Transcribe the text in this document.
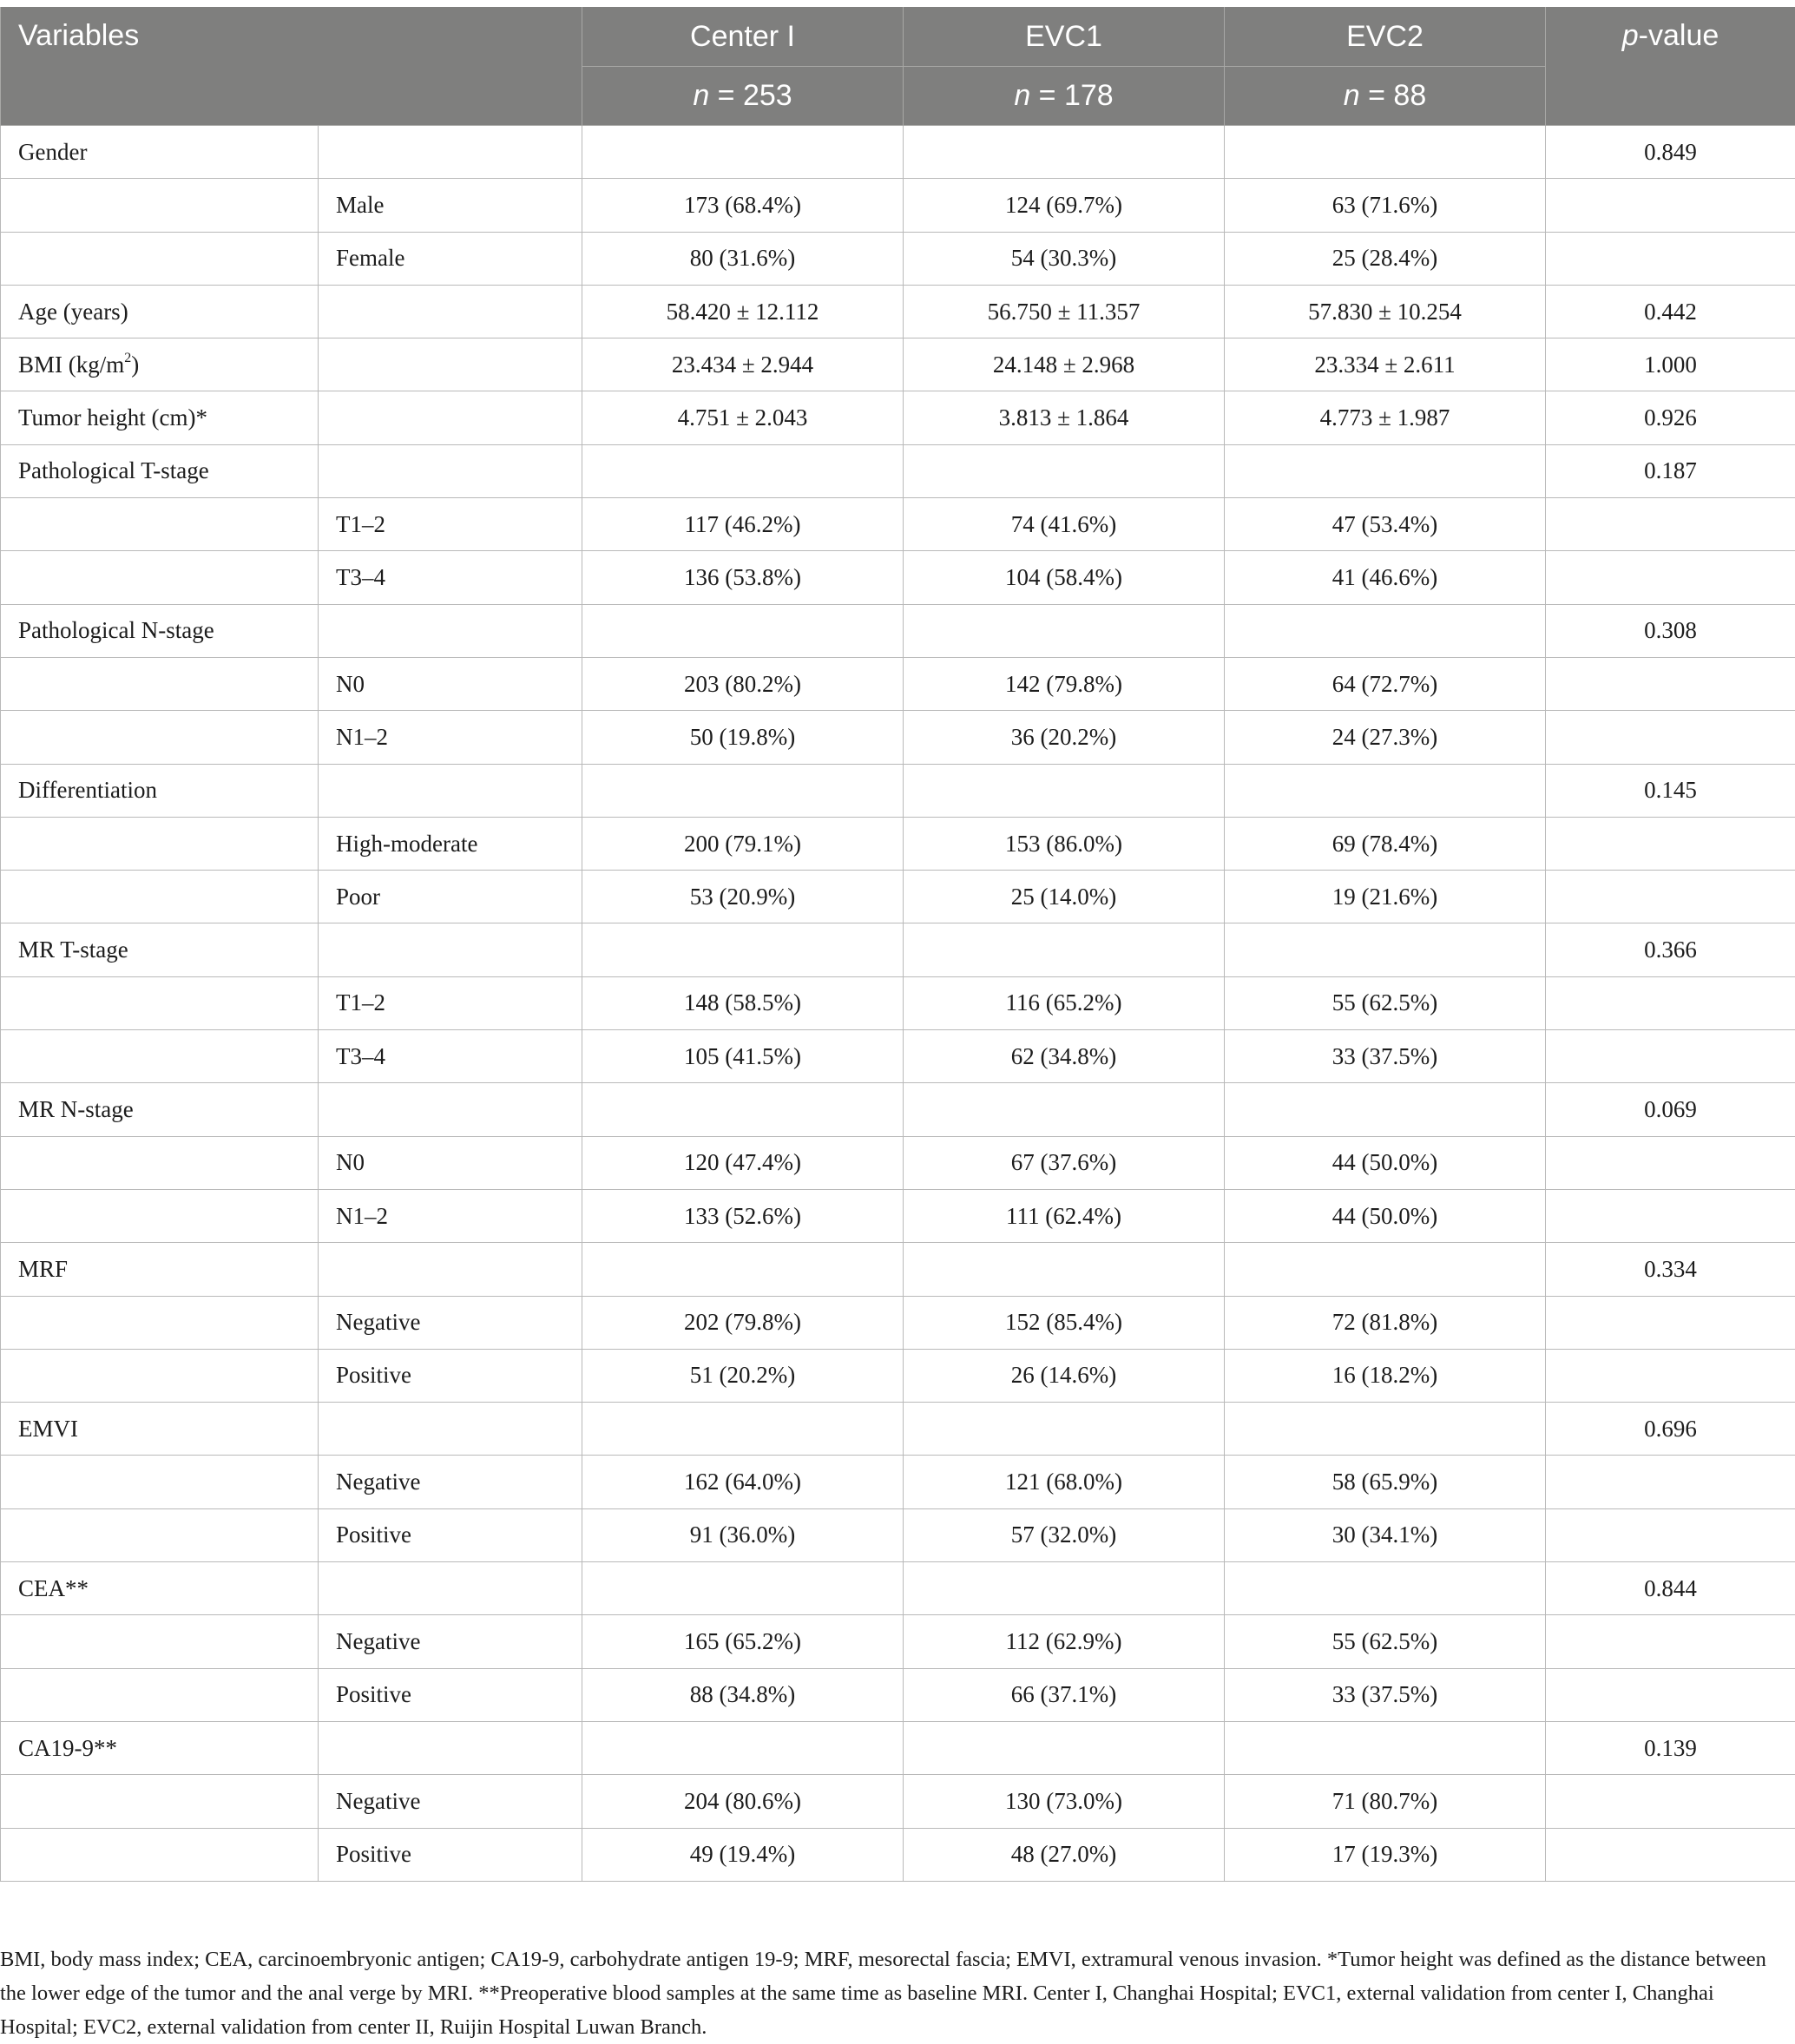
Variables		Center I	EVC1	EVC2	p-value
		n = 253	n = 178	n = 88	
Gender					0.849
	Male	173 (68.4%)	124 (69.7%)	63 (71.6%)	
	Female	80 (31.6%)	54 (30.3%)	25 (28.4%)	
Age (years)		58.420 ± 12.112	56.750 ± 11.357	57.830 ± 10.254	0.442
BMI $(kg/m^2)$		23.434 ± 2.944	24.148 ± 2.968	23.334 ± 2.611	1.000
Tumor height (cm)*		4.751 ± 2.043	3.813 ± 1.864	4.773 ± 1.987	0.926
Pathological T-stage					0.187
	T1–2	117 (46.2%)	74 (41.6%)	47 (53.4%)	
	T3–4	136 (53.8%)	104 (58.4%)	41 (46.6%)	
Pathological N-stage					0.308
	N0	203 (80.2%)	142 (79.8%)	64 (72.7%)	
	N1–2	50 (19.8%)	36 (20.2%)	24 (27.3%)	
Differentiation					0.145
	High-moderate	200 (79.1%)	153 (86.0%)	69 (78.4%)	
	Poor	53 (20.9%)	25 (14.0%)	19 (21.6%)	
MR T-stage					0.366
	T1–2	148 (58.5%)	116 (65.2%)	55 (62.5%)	
	T3–4	105 (41.5%)	62 (34.8%)	33 (37.5%)	
MR N-stage					0.069
	N0	120 (47.4%)	67 (37.6%)	44 (50.0%)	
	N1–2	133 (52.6%)	111 (62.4%)	44 (50.0%)	
MRF					0.334
	Negative	202 (79.8%)	152 (85.4%)	72 (81.8%)	
	Positive	51 (20.2%)	26 (14.6%)	16 (18.2%)	
EMVI					0.696
	Negative	162 (64.0%)	121 (68.0%)	58 (65.9%)	
	Positive	91 (36.0%)	57 (32.0%)	30 (34.1%)	
CEA**					0.844
	Negative	165 (65.2%)	112 (62.9%)	55 (62.5%)	
	Positive	88 (34.8%)	66 (37.1%)	33 (37.5%)	
CA19-9**					0.139
	Negative	204 (80.6%)	130 (73.0%)	71 (80.7%)	
	Positive	49 (19.4%)	48 (27.0%)	17 (19.3%)	
BMI, body mass index; CEA, carcinoembryonic antigen; CA19-9, carbohydrate antigen 19-9; MRF, mesorectal fascia; EMVI, extramural venous invasion. *Tumor height was defined as the distance between the lower edge of the tumor and the anal verge by MRI. **Preoperative blood samples at the same time as baseline MRI. Center I, Changhai Hospital; EVC1, external validation from center I, Changhai Hospital; EVC2, external validation from center II, Ruijin Hospital Luwan Branch.
